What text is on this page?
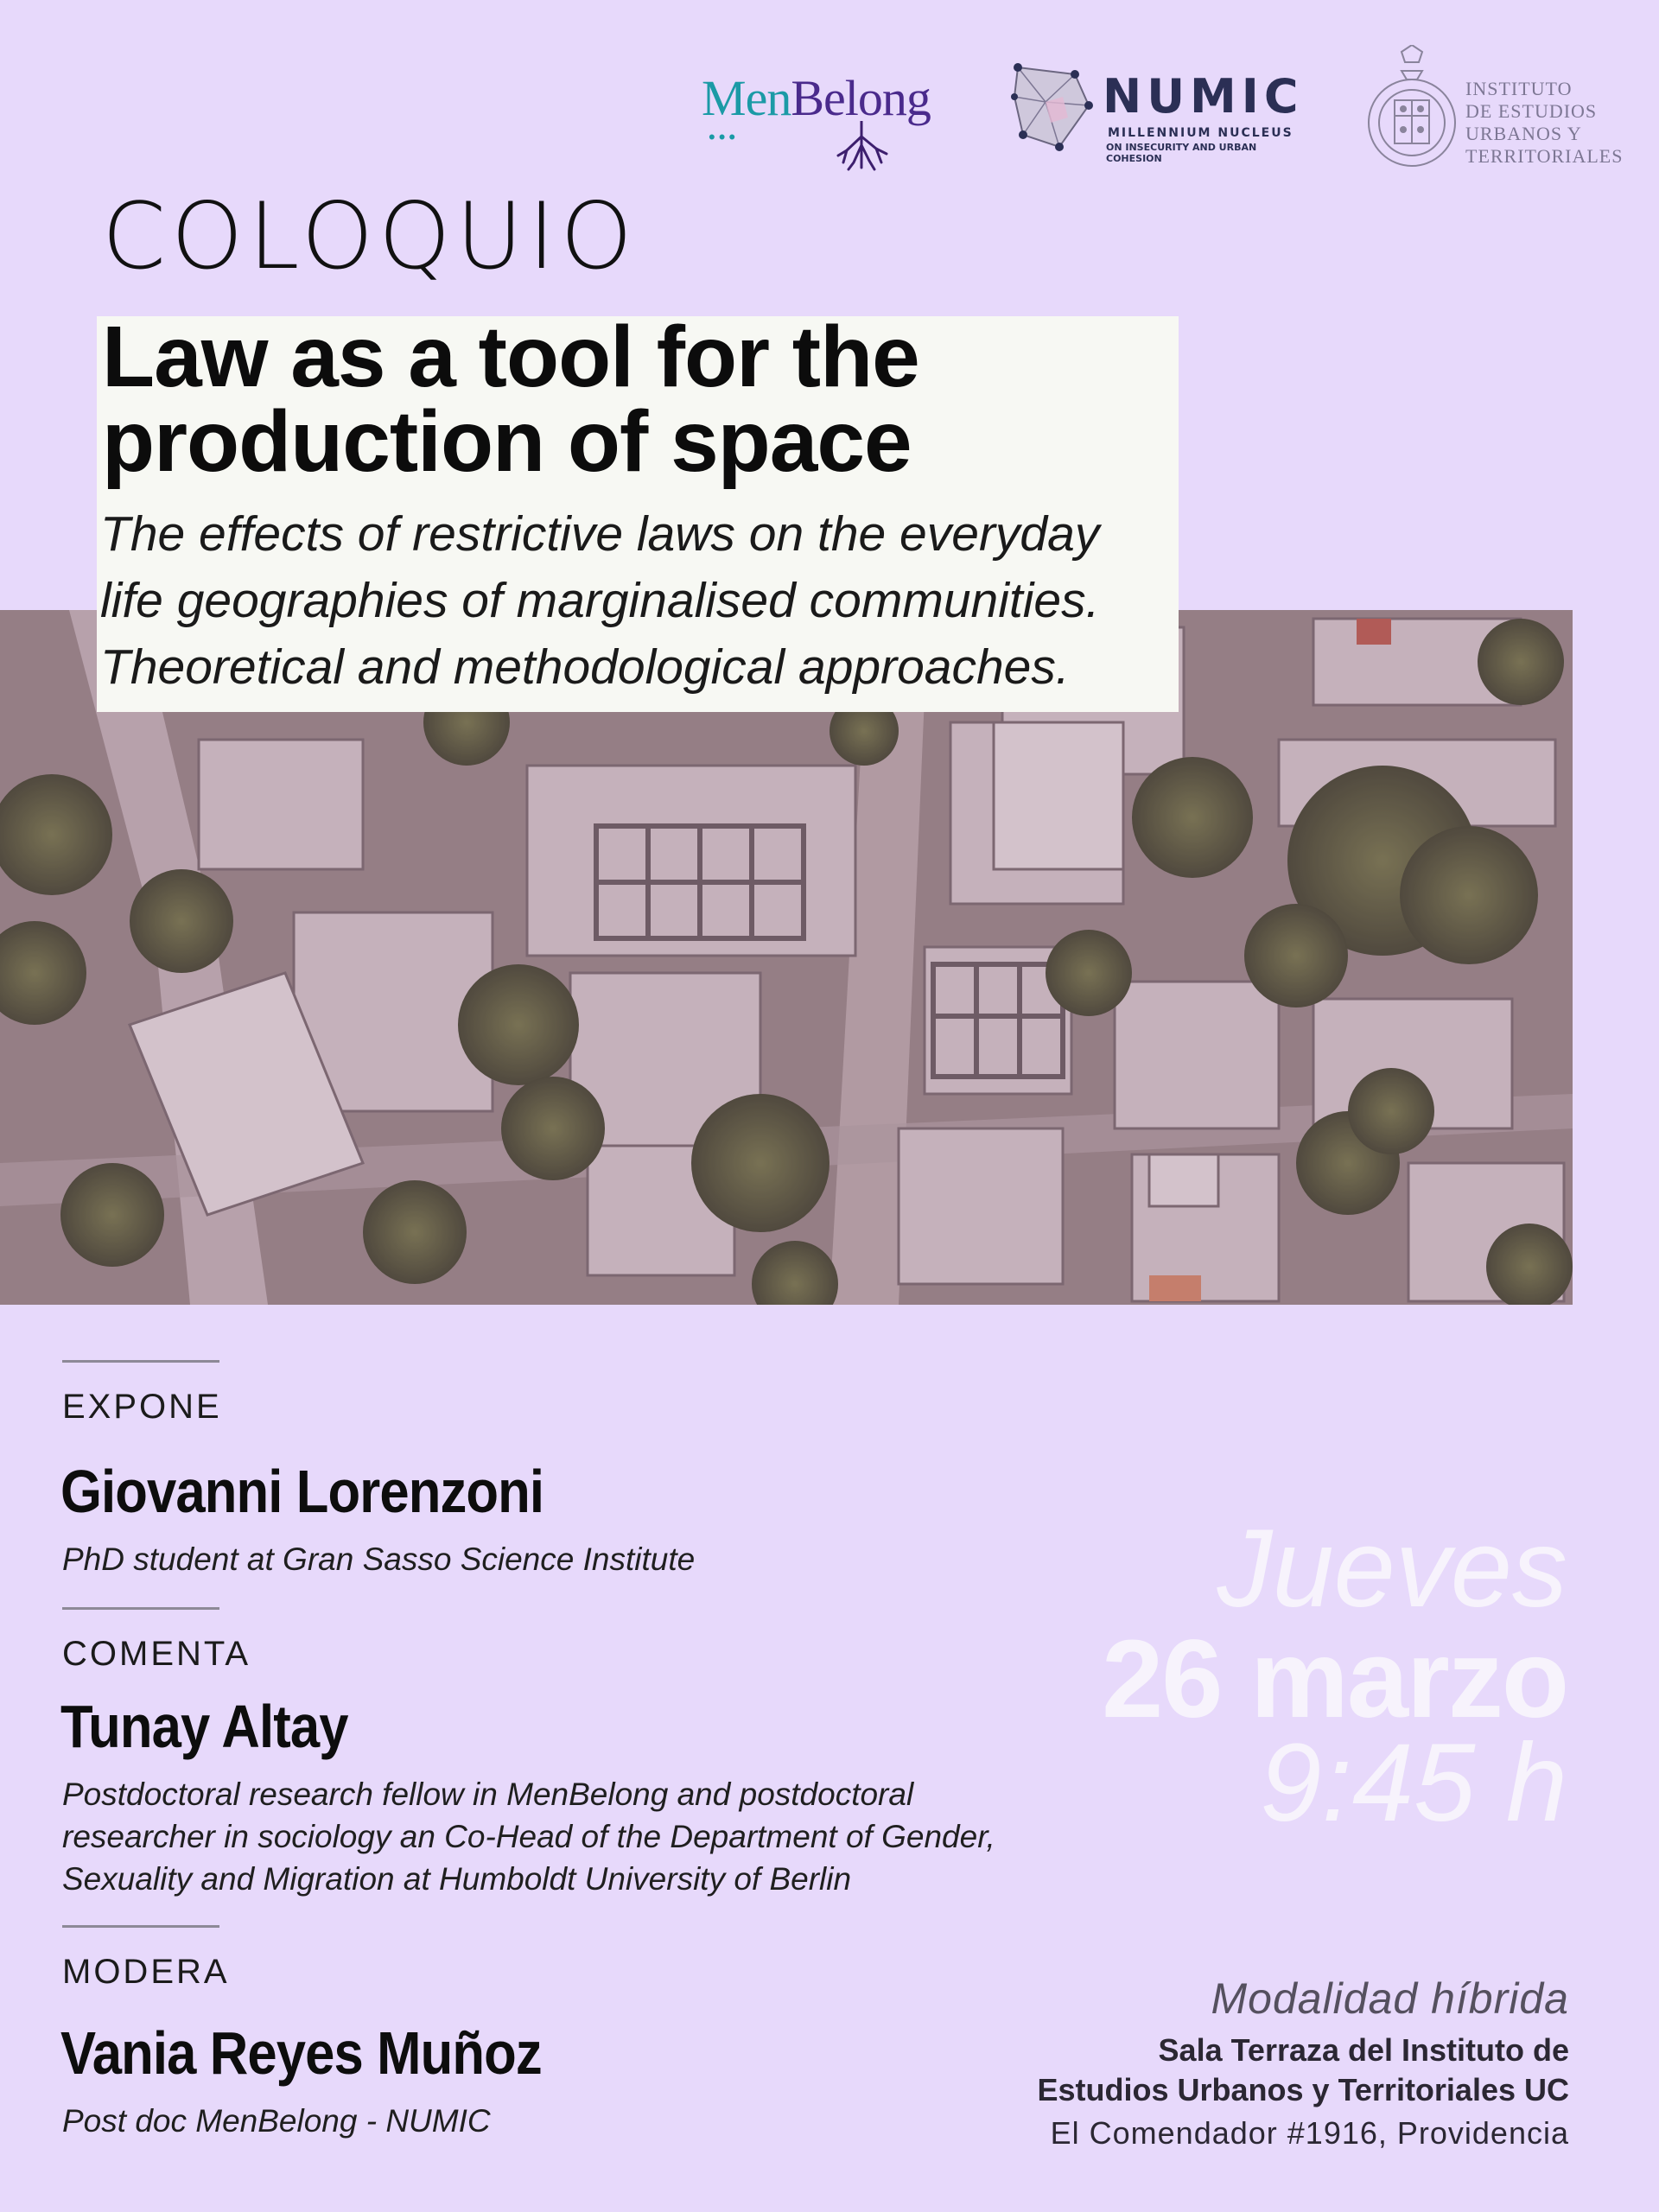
MenBelong
•••
NUMIC
MILLENNIUM NUCLEUS
ON INSECURITY AND URBAN COHESION
INSTITUTO
DE ESTUDIOS
URBANOS Y
TERRITORIALES
COLOQUIO
Law as a tool for the
production of space
The effects of restrictive laws on the everyday
life geographies of marginalised communities.
Theoretical and methodological approaches.
EXPONE
Giovanni Lorenzoni
PhD student at Gran Sasso Science Institute
COMENTA
Tunay Altay
Postdoctoral research fellow in MenBelong and postdoctoral
researcher in sociology an Co-Head of the Department of Gender,
Sexuality and Migration at Humboldt University of Berlin
MODERA
Vania Reyes Muñoz
Post doc MenBelong - NUMIC
Jueves
26 marzo
9:45 h
Modalidad híbrida
Sala Terraza del Instituto de
Estudios Urbanos y Territoriales UC
El Comendador #1916, Providencia
